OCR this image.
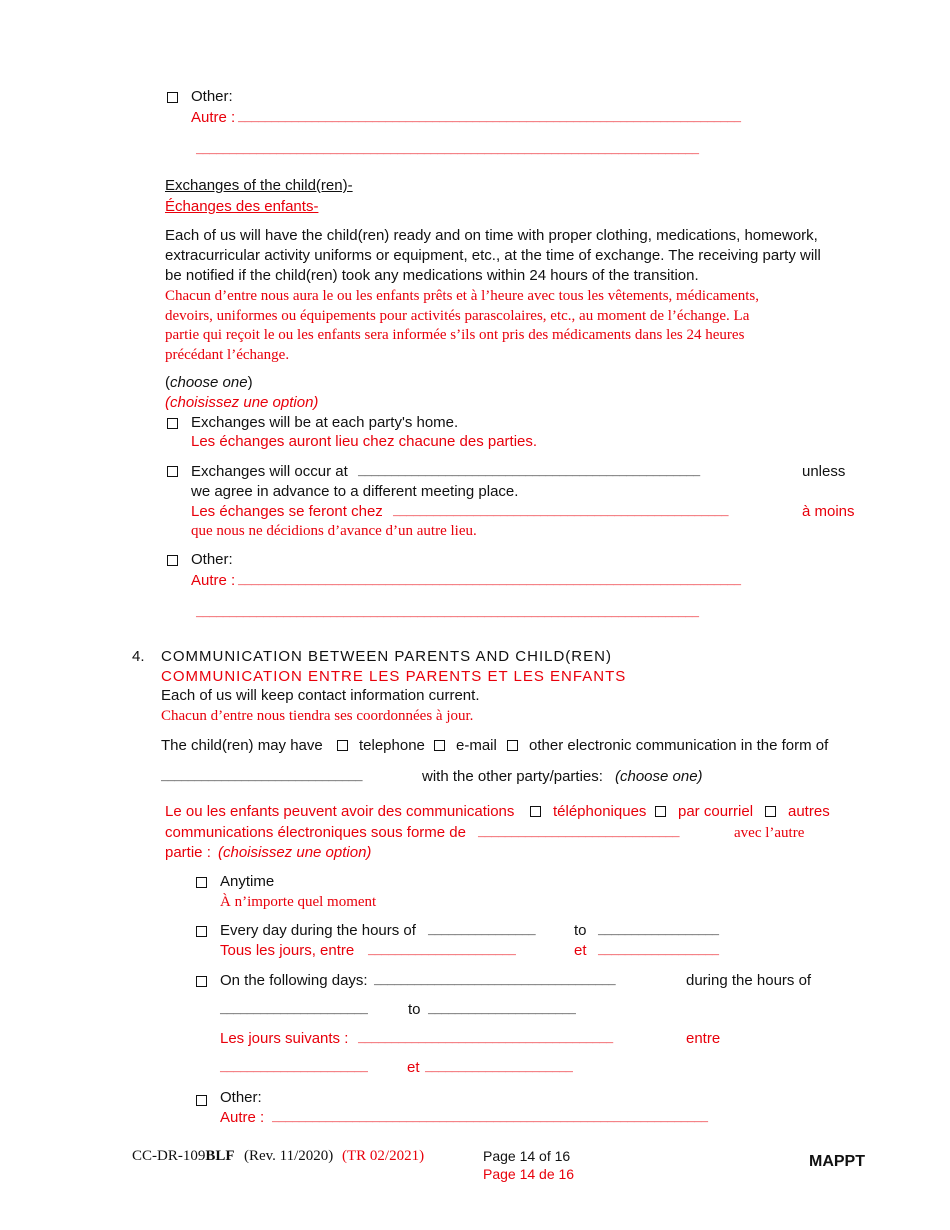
Other:
Autre : ___________________________________________________________________________
___________________________________________________________________________
Exchanges of the child(ren)-
Échanges des enfants-
Each of us will have the child(ren) ready and on time with proper clothing, medications, homework,
extracurricular activity uniforms or equipment, etc., at the time of exchange. The receiving party will
be notified if the child(ren) took any medications within 24 hours of the transition.
Chacun d’entre nous aura le ou les enfants prêts et à l’heure avec tous les vêtements, médicaments,
devoirs, uniformes ou équipements pour activités parascolaires, etc., au moment de l’échange. La
partie qui reçoit le ou les enfants sera informée s’ils ont pris des médicaments dans les 24 heures
précédant l’échange.
(choose one)
(choisissez une option)
Exchanges will be at each party's home.
Les échanges auront lieu chez chacune des parties.
Exchanges will occur at ___________________________________________________	unless
we agree in advance to a different meeting place.
Les échanges se feront chez __________________________________________________	à moins
que nous ne décidions d’avance d’un autre lieu.
Other:
Autre : ___________________________________________________________________________
___________________________________________________________________________
4. COMMUNICATION BETWEEN PARENTS AND CHILD(REN)
COMMUNICATION ENTRE LES PARENTS ET LES ENFANTS
Each of us will keep contact information current.
Chacun d’entre nous tiendra ses coordonnées à jour.
The child(ren) may have telephone e-mail other electronic communication in the form of
______________________________	with the other party/parties: (choose one)
Le ou les enfants peuvent avoir des communications	téléphoniques par courriel autres
communications électroniques sous forme de ______________________________	avec l’autre
partie : (choisissez une option)
Anytime
À n’importe quel moment
Every day during the hours of ________________	to __________________
Tous les jours, entre ______________________	et __________________
On the following days: ____________________________________	during the hours of
______________________	to ______________________
Les jours suivants : ______________________________________	entre
______________________	et ______________________
Other:
Autre : _________________________________________________________________
CC-DR-109BLF (Rev. 11/2020) (TR 02/2021)	Page 14 of 16
Page 14 de 16
MAPPT
